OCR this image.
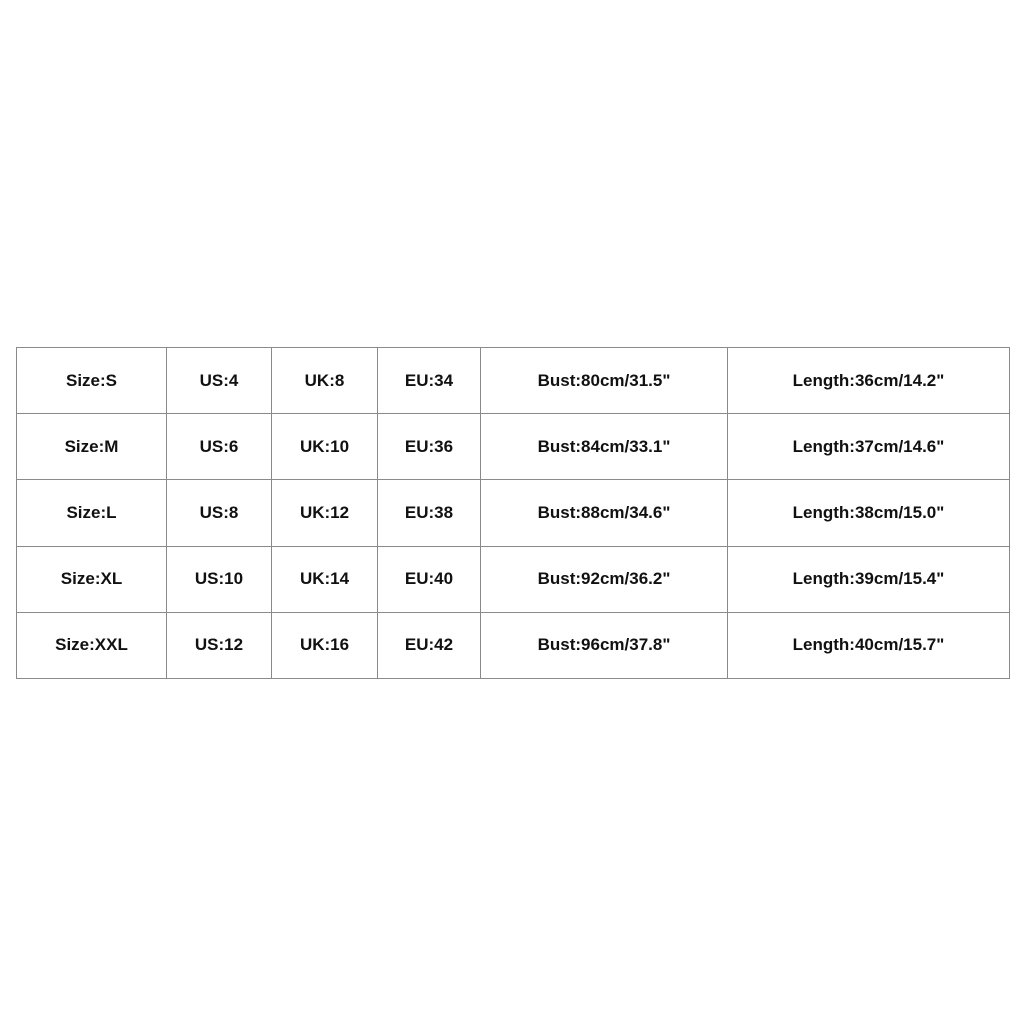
Size:S	US:4	UK:8	EU:34	Bust:80cm/31.5"	Length:36cm/14.2"
Size:M	US:6	UK:10	EU:36	Bust:84cm/33.1"	Length:37cm/14.6"
Size:L	US:8	UK:12	EU:38	Bust:88cm/34.6"	Length:38cm/15.0"
Size:XL	US:10	UK:14	EU:40	Bust:92cm/36.2"	Length:39cm/15.4"
Size:XXL	US:12	UK:16	EU:42	Bust:96cm/37.8"	Length:40cm/15.7"
